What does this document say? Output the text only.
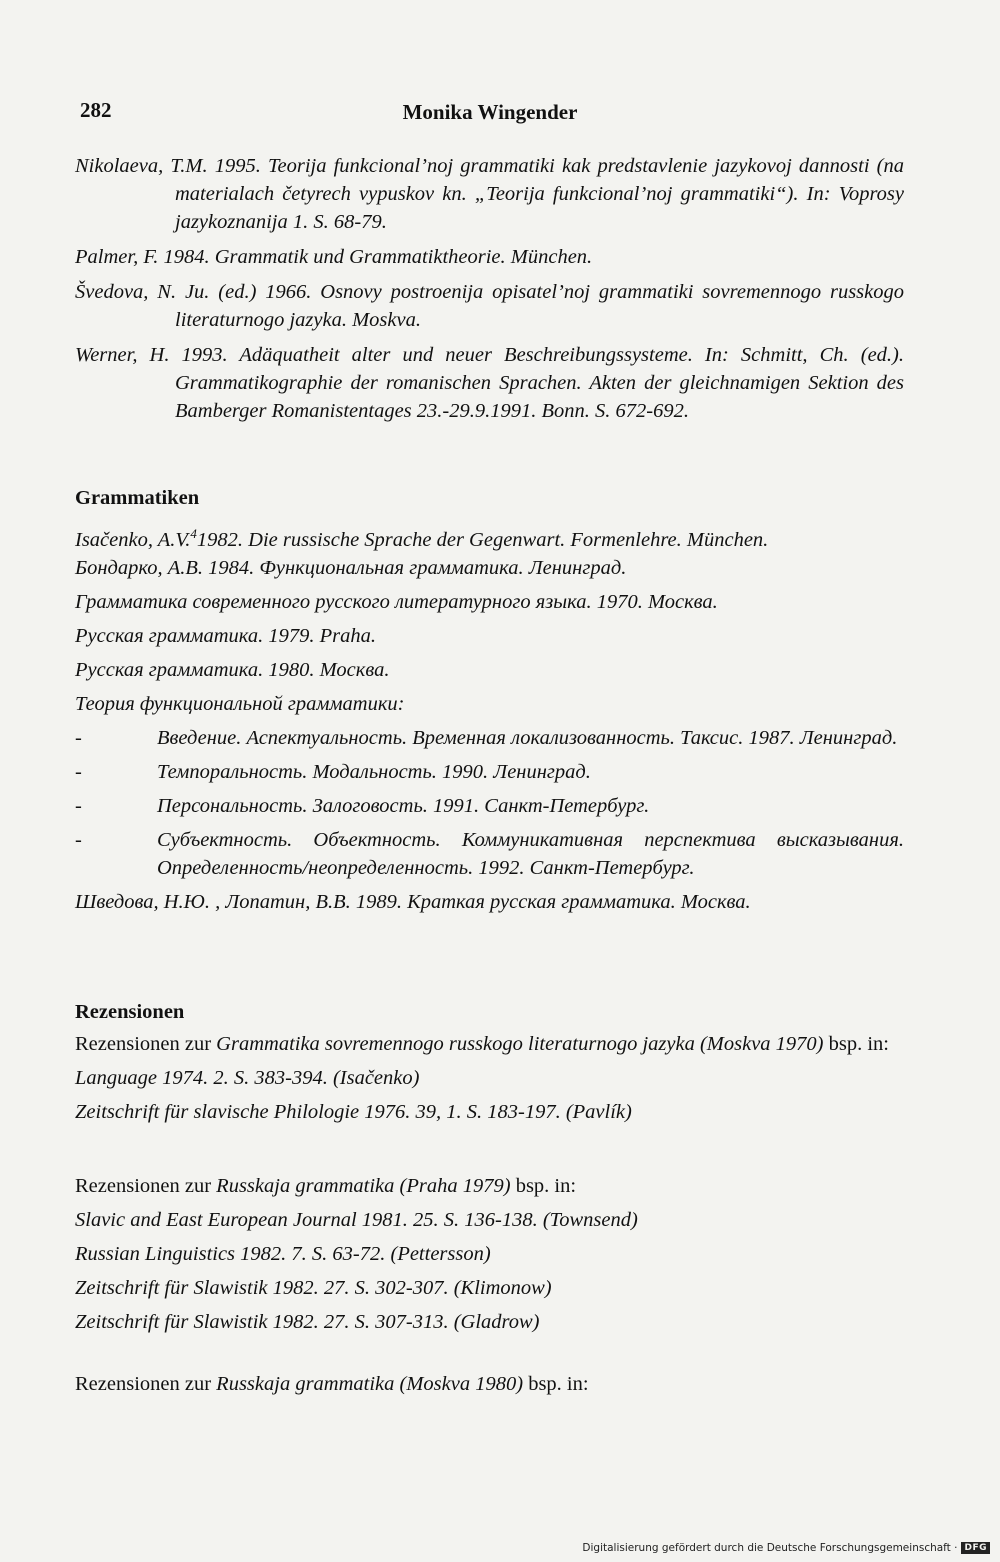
282	Monika Wingender
Nikolaeva, T.M. 1995. Teorija funkcional’noj grammatiki kak predstavlenie jazykovoj dannosti (na materialach četyrech vypuskov kn. „Teorija funkcional’noj grammatiki“). In: Voprosy jazykoznanija 1. S. 68-79.
Palmer, F. 1984. Grammatik und Grammatiktheorie. München.
Švedova, N. Ju. (ed.) 1966. Osnovy postroenija opisatel’noj grammatiki sovremennogo russkogo literaturnogo jazyka. Moskva.
Werner, H. 1993. Adäquatheit alter und neuer Beschreibungssysteme. In: Schmitt, Ch. (ed.). Grammatikographie der romanischen Sprachen. Akten der gleichnamigen Sektion des Bamberger Romanistentages 23.-29.9.1991. Bonn. S. 672-692.
Grammatiken
Isačenko, A.V.$^4$1982. Die russische Sprache der Gegenwart. Formenlehre. München.
Бондарко, А.В. 1984. Функциональная грамматика. Ленинград.
Грамматика современного русского литературного языка. 1970. Москва.
Русская грамматика. 1979. Praha.
Русская грамматика. 1980. Москва.
Теория функциональной грамматики:
-	Введение. Аспектуальность. Временная локализованность. Таксис. 1987. Ленинград.
-	Темпоральность. Модальность. 1990. Ленинград.
-	Персональность. Залоговость. 1991. Санкт-Петербург.
-	Субъектность. Объектность. Коммуникативная перспектива высказывания. Определенность/неопределенность. 1992. Санкт-Петербург.
Шведова, Н.Ю. , Лопатин, В.В. 1989. Краткая русская грамматика. Москва.
Rezensionen
Rezensionen zur Grammatika sovremennogo russkogo literaturnogo jazyka (Moskva 1970) bsp. in:
Language 1974. 2. S. 383-394. (Isačenko)
Zeitschrift für slavische Philologie 1976. 39, 1. S. 183-197. (Pavlík)
Rezensionen zur Russkaja grammatika (Praha 1979) bsp. in:
Slavic and East European Journal 1981. 25. S. 136-138. (Townsend)
Russian Linguistics 1982. 7. S. 63-72. (Pettersson)
Zeitschrift für Slawistik 1982. 27. S. 302-307. (Klimonow)
Zeitschrift für Slawistik 1982. 27. S. 307-313. (Gladrow)
Rezensionen zur Russkaja grammatika (Moskva 1980) bsp. in:
Digitalisierung gefördert durch die Deutsche Forschungsgemeinschaft · DFG
